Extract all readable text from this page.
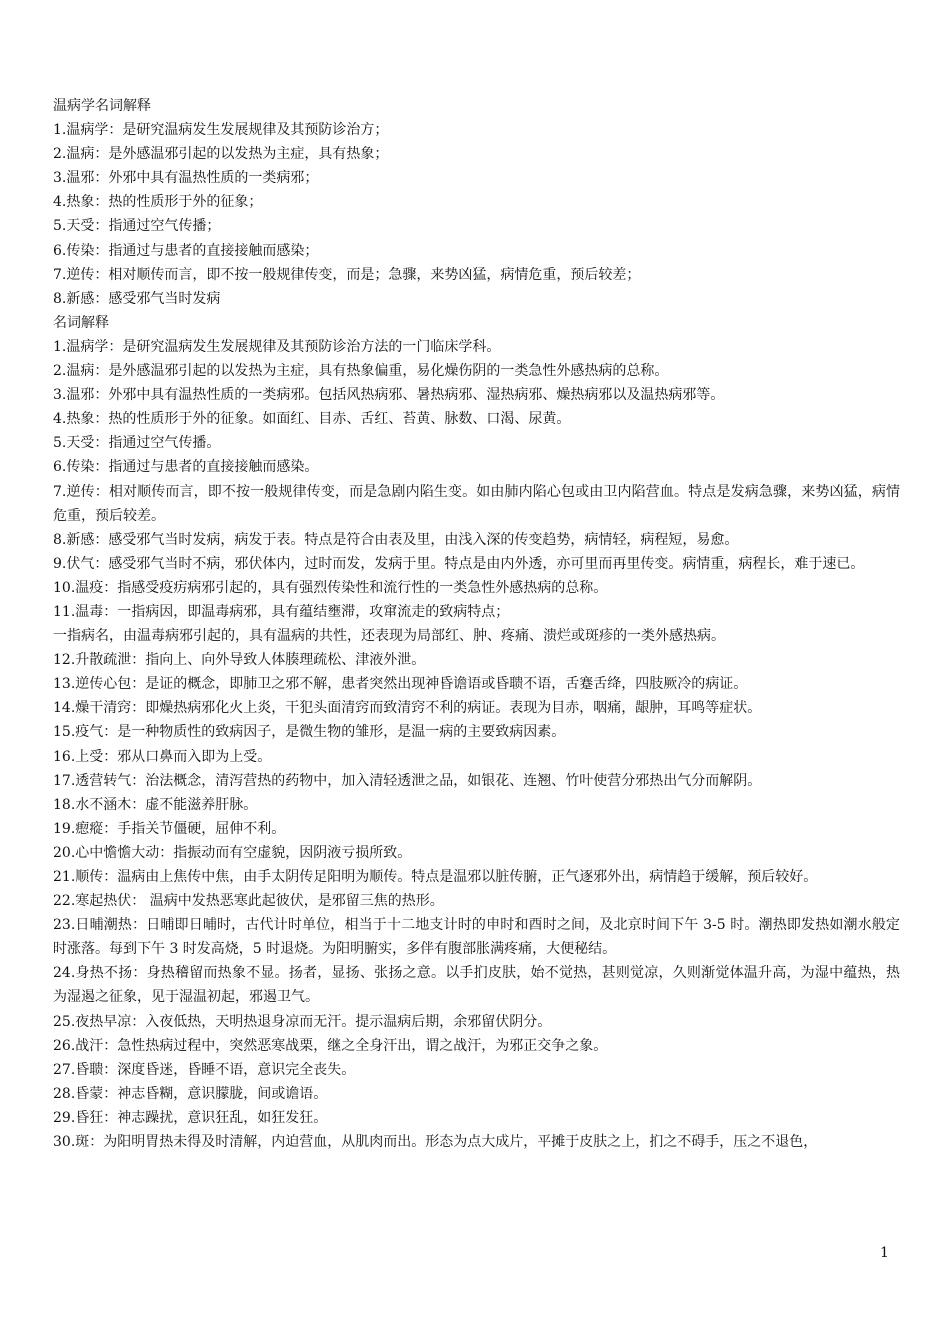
温病学名词解释
1.温病学：是研究温病发生发展规律及其预防诊治方；
2.温病：是外感温邪引起的以发热为主症，具有热象；
3.温邪：外邪中具有温热性质的一类病邪；
4.热象：热的性质形于外的征象；
5.天受：指通过空气传播；
6.传染：指通过与患者的直接接触而感染；
7.逆传：相对顺传而言，即不按一般规律传变，而是；急骤，来势凶猛，病情危重，预后较差；
8.新感：感受邪气当时发病
名词解释
1.温病学：是研究温病发生发展规律及其预防诊治方法的一门临床学科。
2.温病：是外感温邪引起的以发热为主症，具有热象偏重，易化燥伤阴的一类急性外感热病的总称。
3.温邪：外邪中具有温热性质的一类病邪。包括风热病邪、暑热病邪、湿热病邪、燥热病邪以及温热病邪等。
4.热象：热的性质形于外的征象。如面红、目赤、舌红、苔黄、脉数、口渴、尿黄。
5.天受：指通过空气传播。
6.传染：指通过与患者的直接接触而感染。
7.逆传：相对顺传而言，即不按一般规律传变，而是急剧内陷生变。如由肺内陷心包或由卫内陷营血。特点是发病急骤，来势凶猛，病情危重，预后较差。
8.新感：感受邪气当时发病，病发于表。特点是符合由表及里，由浅入深的传变趋势，病情轻，病程短，易愈。
9.伏气：感受邪气当时不病，邪伏体内，过时而发，发病于里。特点是由内外透，亦可里而再里传变。病情重，病程长，难于速已。
10.温疫：指感受疫疠病邪引起的，具有强烈传染性和流行性的一类急性外感热病的总称。
11.温毒：一指病因，即温毒病邪，具有蕴结壅滞，攻窜流走的致病特点；
一指病名，由温毒病邪引起的，具有温病的共性，还表现为局部红、肿、疼痛、溃烂或斑疹的一类外感热病。
12.升散疏泄：指向上、向外导致人体腠理疏松、津液外泄。
13.逆传心包：是证的概念，即肺卫之邪不解，患者突然出现神昏谵语或昏聩不语，舌蹇舌绛，四肢厥冷的病证。
14.燥干清窍：即燥热病邪化火上炎，干犯头面清窍而致清窍不利的病证。表现为目赤，咽痛，龈肿，耳鸣等症状。
15.疫气：是一种物质性的致病因子，是微生物的雏形，是温一病的主要致病因素。
16.上受：邪从口鼻而入即为上受。
17.透营转气：治法概念，清泻营热的药物中，加入清轻透泄之品，如银花、连翘、竹叶使营分邪热出气分而解阴。
18.水不涵木：虚不能滋养肝脉。
19.瘛瘲：手指关节僵硬，屈伸不利。
20.心中憺憺大动：指振动而有空虚貌，因阴液亏损所致。
21.顺传：温病由上焦传中焦，由手太阴传足阳明为顺传。特点是温邪以脏传腑，正气逐邪外出，病情趋于缓解，预后较好。
22.寒起热伏： 温病中发热恶寒此起彼伏，是邪留三焦的热形。
23.日晡潮热：日晡即日晡时，古代计时单位，相当于十二地支计时的申时和酉时之间，及北京时间下午 3-5 时。潮热即发热如潮水般定时涨落。每到下午 3 时发高烧，5 时退烧。为阳明腑实，多伴有腹部胀满疼痛，大便秘结。
24.身热不扬：身热稽留而热象不显。扬者，显扬、张扬之意。以手扪皮肤，始不觉热，甚则觉凉，久则渐觉体温升高，为湿中蕴热，热为湿遏之征象，见于湿温初起，邪遏卫气。
25.夜热早凉：入夜低热，天明热退身凉而无汗。提示温病后期，余邪留伏阴分。
26.战汗：急性热病过程中，突然恶寒战栗，继之全身汗出，谓之战汗，为邪正交争之象。
27.昏聩：深度昏迷，昏睡不语，意识完全丧失。
28.昏蒙：神志昏糊，意识朦胧，间或谵语。
29.昏狂：神志躁扰，意识狂乱，如狂发狂。
30.斑：为阳明胃热未得及时清解，内迫营血，从肌肉而出。形态为点大成片，平摊于皮肤之上，扪之不碍手，压之不退色，
1
